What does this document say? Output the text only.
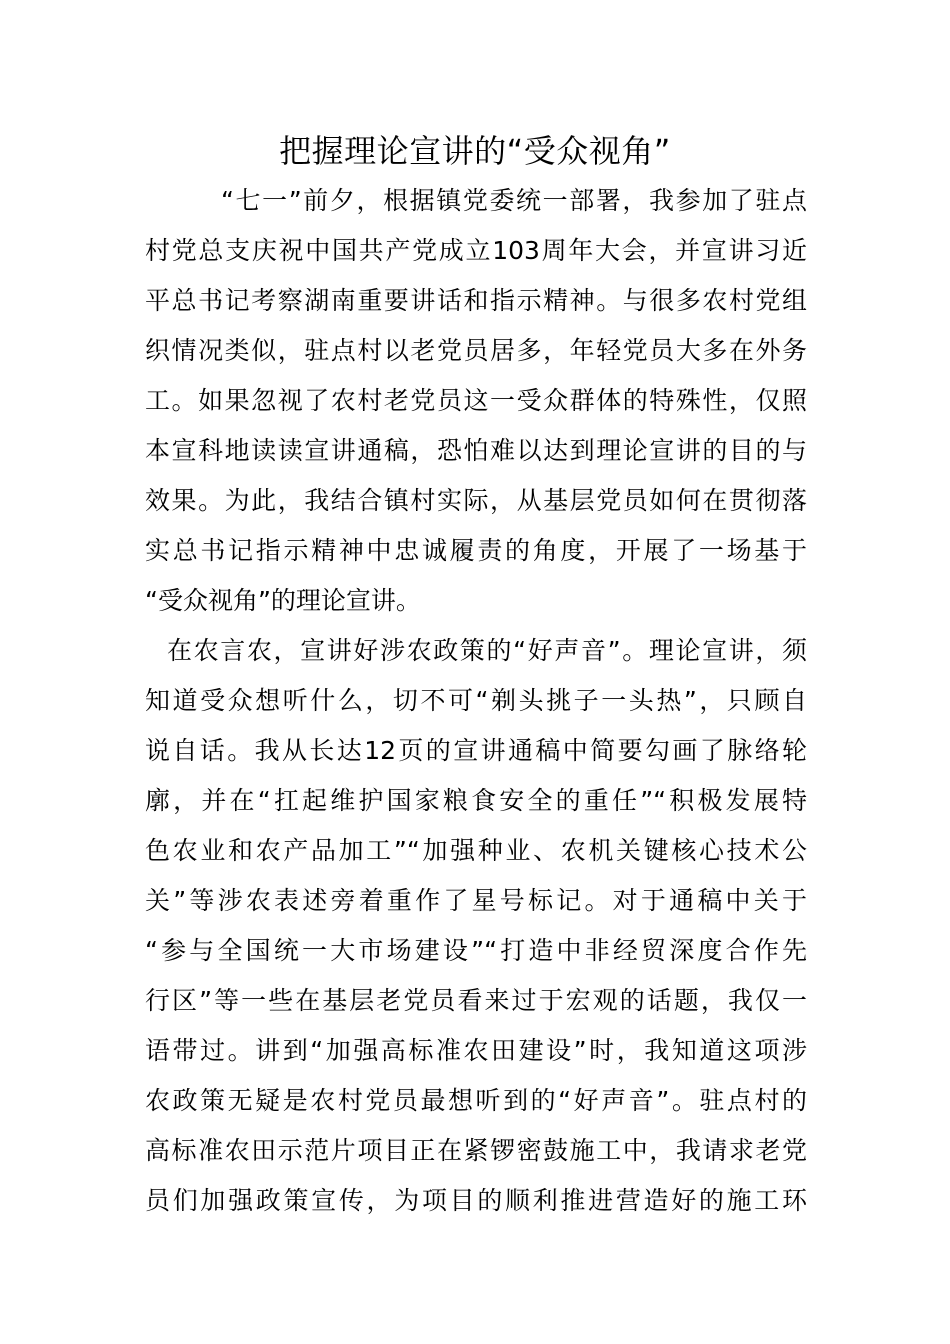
把握理论宣讲的“受众视角”

“七一”前夕，根据镇党委统一部署，我参加了驻点

村党总支庆祝中国共产党成立103周年大会，并宣讲习近

平总书记考察湖南重要讲话和指示精神。与很多农村党组

织情况类似，驻点村以老党员居多，年轻党员大多在外务

工。如果忽视了农村老党员这一受众群体的特殊性，仅照

本宣科地读读宣讲通稿，恐怕难以达到理论宣讲的目的与

效果。为此，我结合镇村实际，从基层党员如何在贯彻落

实总书记指示精神中忠诚履责的角度，开展了一场基于

“受众视角”的理论宣讲。

在农言农，宣讲好涉农政策的“好声音”。理论宣讲，须

知道受众想听什么，切不可“剃头挑子一头热”，只顾自

说自话。我从长达12页的宣讲通稿中简要勾画了脉络轮

廓，并在“扛起维护国家粮食安全的重任”“积极发展特

色农业和农产品加工”“加强种业、农机关键核心技术公

关”等涉农表述旁着重作了星号标记。对于通稿中关于

“参与全国统一大市场建设”“打造中非经贸深度合作先

行区”等一些在基层老党员看来过于宏观的话题，我仅一

语带过。讲到“加强高标准农田建设”时，我知道这项涉

农政策无疑是农村党员最想听到的“好声音”。驻点村的

高标准农田示范片项目正在紧锣密鼓施工中，我请求老党

员们加强政策宣传，为项目的顺利推进营造好的施工环
